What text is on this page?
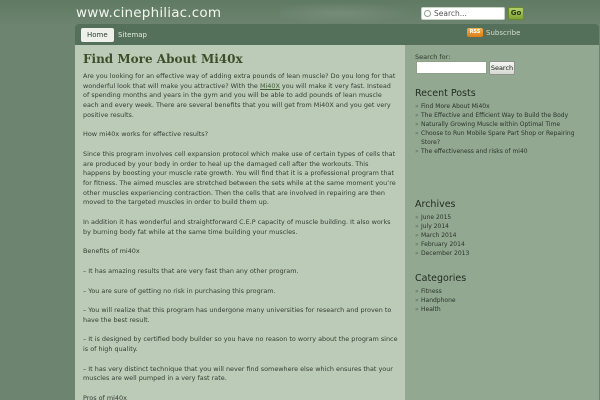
www.cinephiliac.com	Search...	Go
Home	Sitemap	RSS Subscribe
Find More About Mi40x

Are you looking for an effective way of adding extra pounds of lean muscle? Do you long for that wonderful look that will make you attractive? With the Mi40X you will make it very fast. Instead of spending months and years in the gym and you will be able to add pounds of lean muscle each and every week. There are several benefits that you will get from Mi40X and you get very positive results.

How mi40x works for effective results?

Since this program involves cell expansion protocol which make use of certain types of cells that are produced by your body in order to heal up the damaged cell after the workouts. This happens by boosting your muscle rate growth. You will find that it is a professional program that for fitness. The aimed muscles are stretched between the sets while at the same moment you’re other muscles experiencing contraction. Then the cells that are involved in repairing are then moved to the targeted muscles in order to build them up.

In addition it has wonderful and straightforward C.E.P capacity of muscle building. It also works by burning body fat while at the same time building your muscles.

Benefits of mi40x

– It has amazing results that are very fast than any other program.

– You are sure of getting no risk in purchasing this program.

– You will realize that this program has undergone many universities for research and proven to have the best result.

– It is designed by certified body builder so you have no reason to worry about the program since is of high quality.

– It has very distinct technique that you will never find somewhere else which ensures that your muscles are well pumped in a very fast rate.

Pros of mi40x

Search for:
Search
Recent Posts
» Find More About Mi40x
» The Effective and Efficient Way to Build the Body
» Naturally Growing Muscle within Optimal Time
» Choose to Run Mobile Spare Part Shop or Repairing Store?
» The effectiveness and risks of mi40
Archives
» June 2015
» July 2014
» March 2014
» February 2014
» December 2013
Categories
» Fitness
» Handphone
» Health
